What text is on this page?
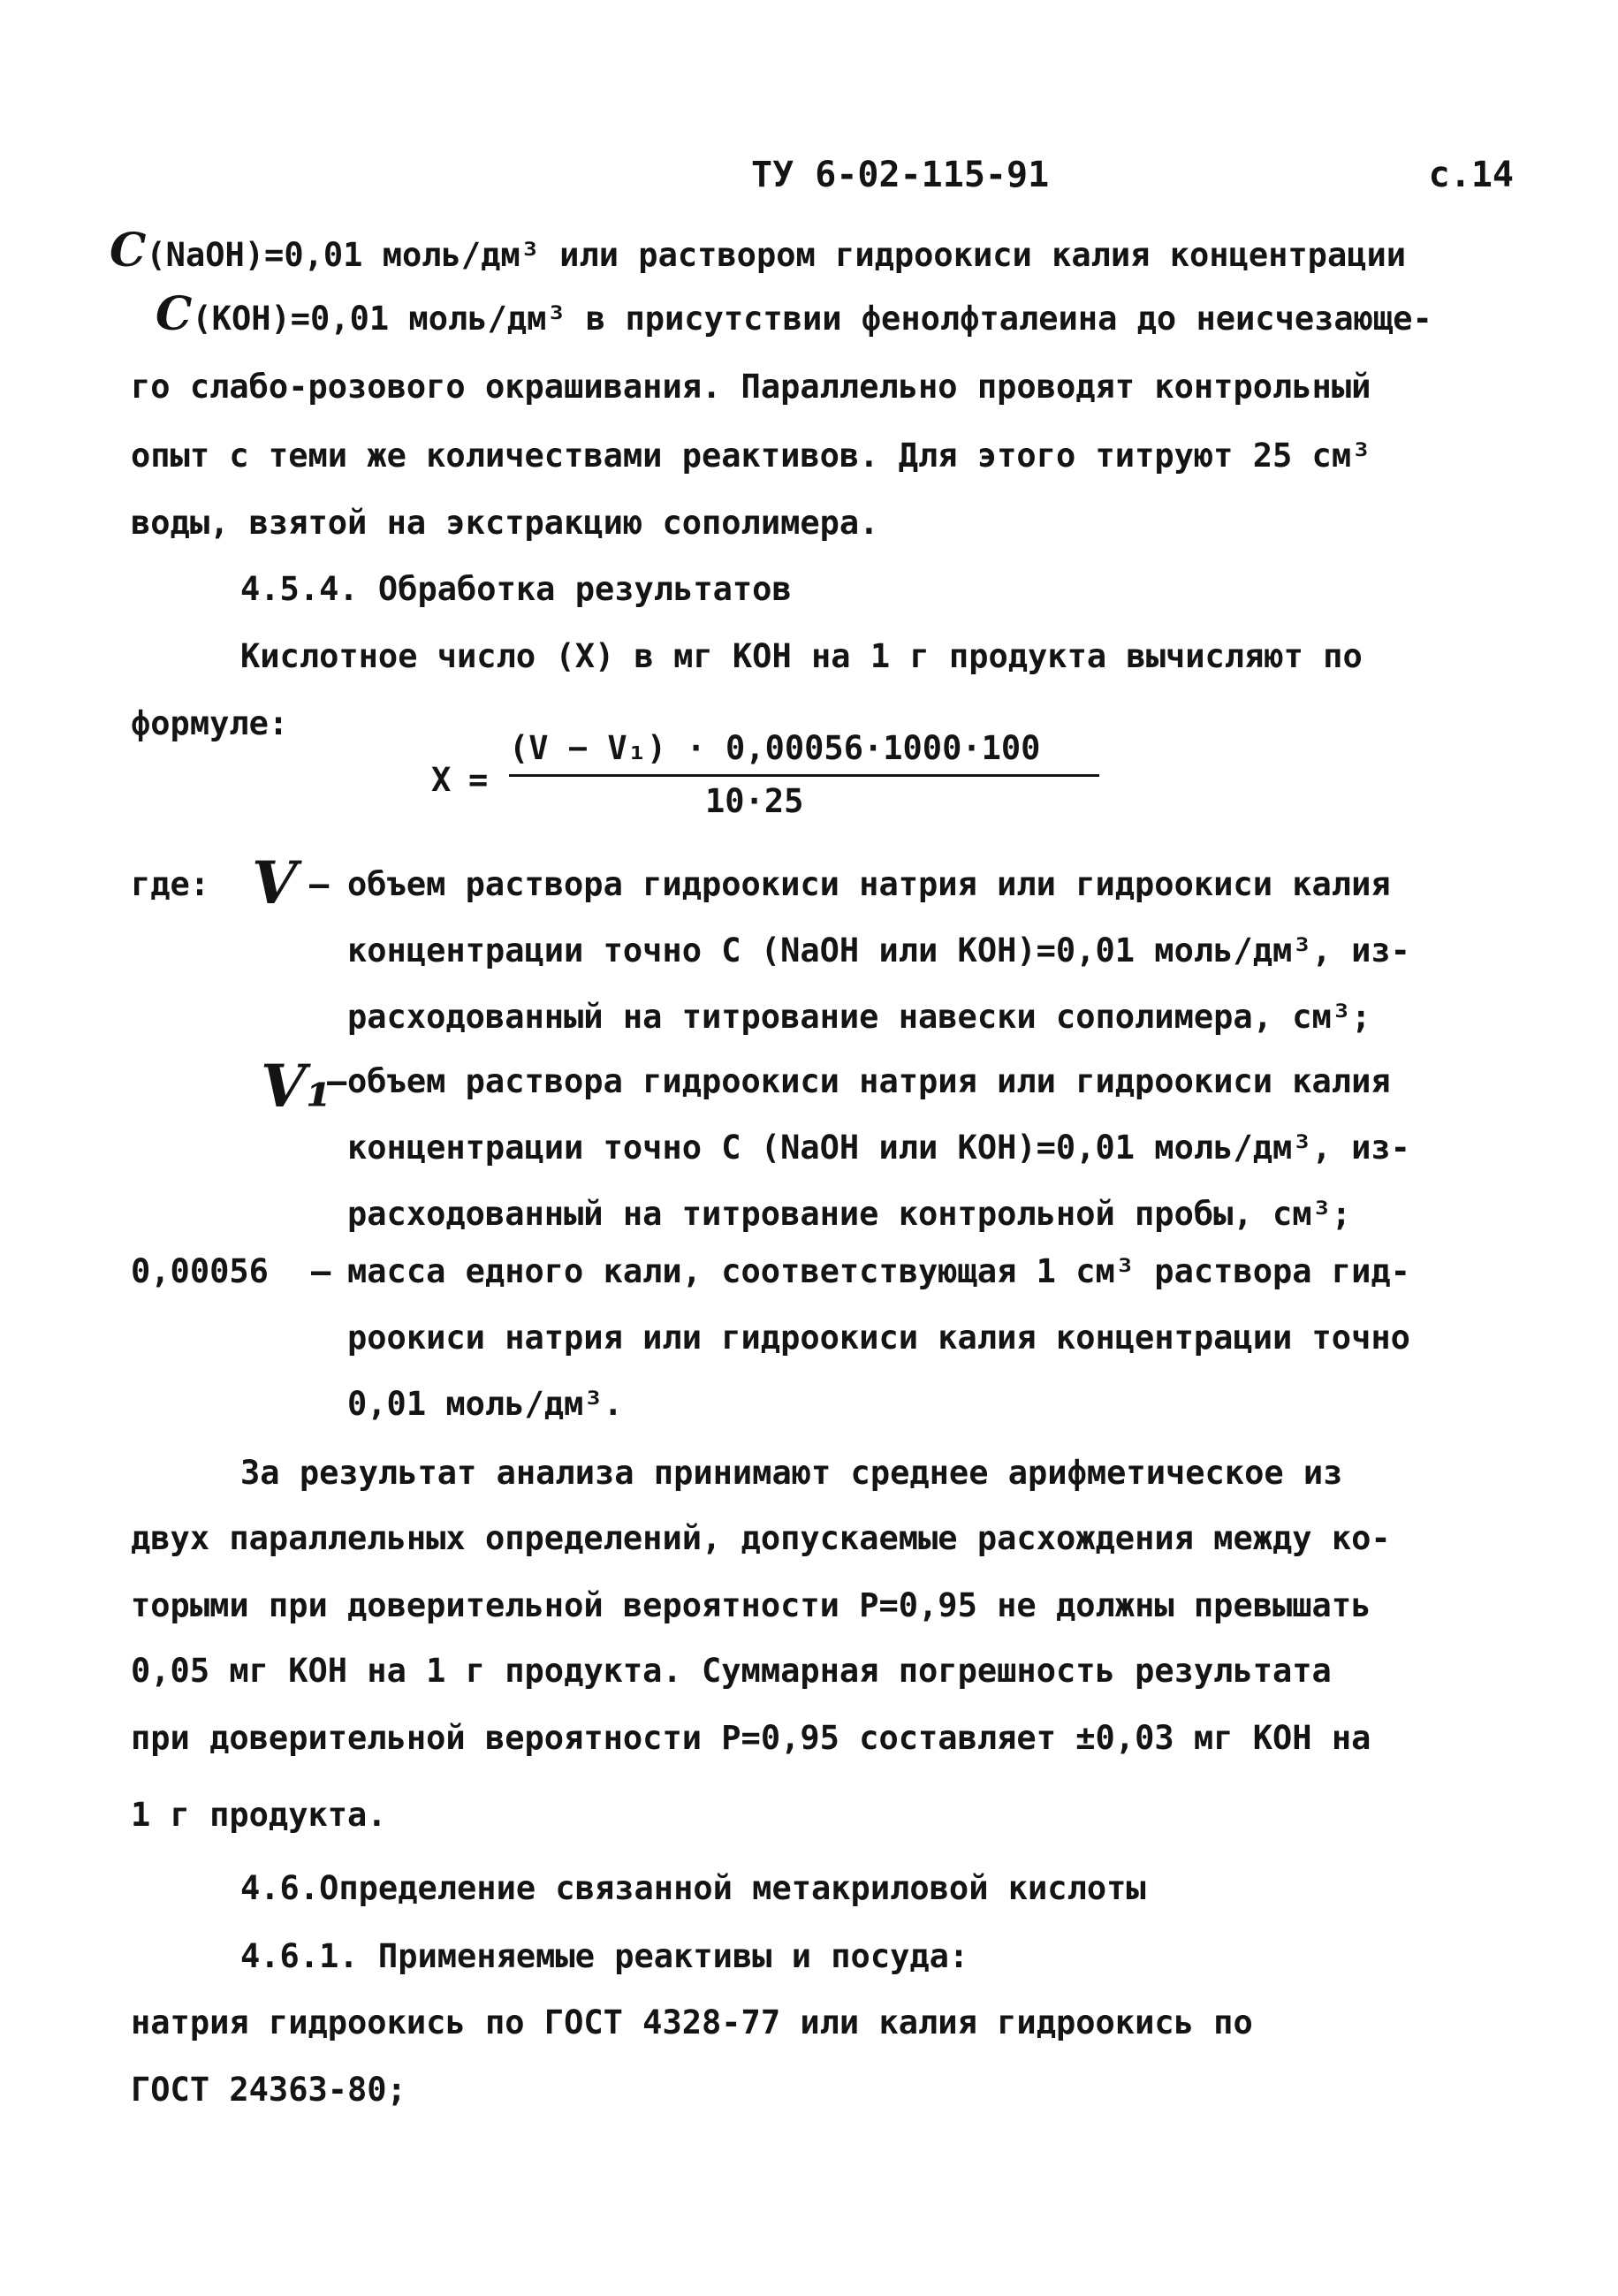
ТУ 6-02-115-91	с.14
C(NaOH)=0,01 моль/дм³ или раствором гидроокиси калия концентрации
C(KOH)=0,01 моль/дм³ в присутствии фенолфталеина до неисчезающе-
го слабо-розового окрашивания. Параллельно проводят контрольный
опыт с теми же количествами реактивов. Для этого титруют 25 см³
воды, взятой на экстракцию сополимера.
4.5.4. Обработка результатов
Кислотное число (X) в мг KOH на 1 г продукта вычисляют по
формуле:
X =
(V − V₁) · 0,00056·1000·100
10·25
где: V – объем раствора гидроокиси натрия или гидроокиси калия
концентрации точно С (NaOH или KOH)=0,01 моль/дм³, из-
расходованный на титрование навески сополимера, см³;
V₁
– объем раствора гидроокиси натрия или гидроокиси калия
концентрации точно С (NaOH или KOH)=0,01 моль/дм³, из-
расходованный на титрование контрольной пробы, см³;
0,00056 – масса едного кали, соответствующая 1 см³ раствора гид-
роокиси натрия или гидроокиси калия концентрации точно
0,01 моль/дм³.
За результат анализа принимают среднее арифметическое из
двух параллельных определений, допускаемые расхождения между ко-
торыми при доверительной вероятности P=0,95 не должны превышать
0,05 мг KOH на 1 г продукта. Суммарная погрешность результата
при доверительной вероятности P=0,95 составляет ±0,03 мг KOH на
1 г продукта.
4.6.Определение связанной метакриловой кислоты
4.6.1. Применяемые реактивы и посуда:
натрия гидроокись по ГОСТ 4328-77 или калия гидроокись по
ГОСТ 24363-80;
